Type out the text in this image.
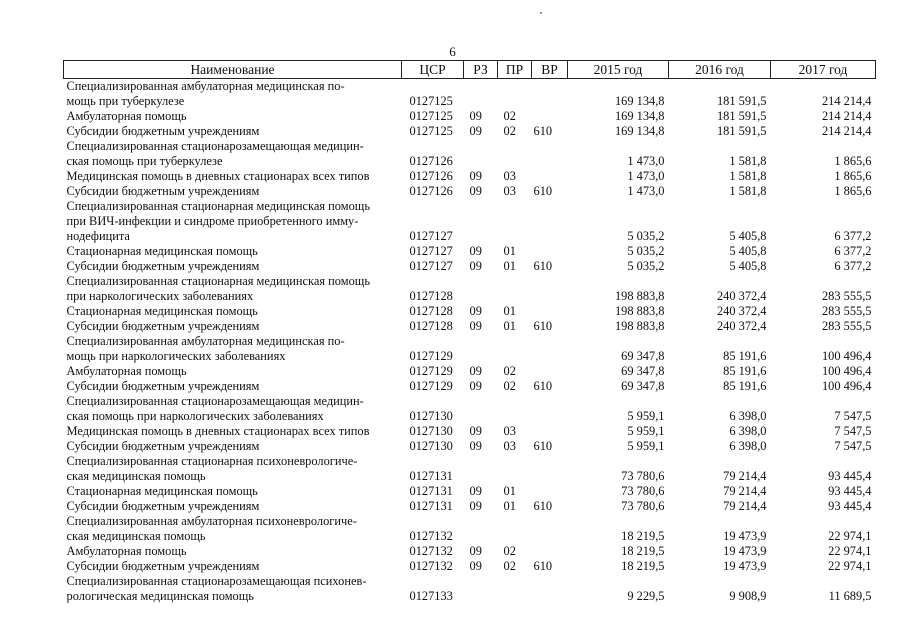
6
Наименование	ЦСР	РЗ	ПР	ВР	2015 год	2016 год	2017 год
Специализированная амбулаторная медицинская по-							
мощь при туберкулезе	0127125				169 134,8	181 591,5	214 214,4
Амбулаторная помощь	0127125	09	02		169 134,8	181 591,5	214 214,4
Субсидии бюджетным учреждениям	0127125	09	02	610	169 134,8	181 591,5	214 214,4
Специализированная стационарозамещающая медицин-							
ская помощь при туберкулезе	0127126				1 473,0	1 581,8	1 865,6
Медицинская помощь в дневных стационарах всех типов	0127126	09	03		1 473,0	1 581,8	1 865,6
Субсидии бюджетным учреждениям	0127126	09	03	610	1 473,0	1 581,8	1 865,6
Специализированная стационарная медицинская помощь							
при ВИЧ-инфекции и синдроме приобретенного имму-							
нодефицита	0127127				5 035,2	5 405,8	6 377,2
Стационарная медицинская помощь	0127127	09	01		5 035,2	5 405,8	6 377,2
Субсидии бюджетным учреждениям	0127127	09	01	610	5 035,2	5 405,8	6 377,2
Специализированная стационарная медицинская помощь							
при наркологических заболеваниях	0127128				198 883,8	240 372,4	283 555,5
Стационарная медицинская помощь	0127128	09	01		198 883,8	240 372,4	283 555,5
Субсидии бюджетным учреждениям	0127128	09	01	610	198 883,8	240 372,4	283 555,5
Специализированная амбулаторная медицинская по-							
мощь при наркологических заболеваниях	0127129				69 347,8	85 191,6	100 496,4
Амбулаторная помощь	0127129	09	02		69 347,8	85 191,6	100 496,4
Субсидии бюджетным учреждениям	0127129	09	02	610	69 347,8	85 191,6	100 496,4
Специализированная стационарозамещающая медицин-							
ская помощь при наркологических заболеваниях	0127130				5 959,1	6 398,0	7 547,5
Медицинская помощь в дневных стационарах всех типов	0127130	09	03		5 959,1	6 398,0	7 547,5
Субсидии бюджетным учреждениям	0127130	09	03	610	5 959,1	6 398,0	7 547,5
Специализированная стационарная психоневрологиче-							
ская медицинская помощь	0127131				73 780,6	79 214,4	93 445,4
Стационарная медицинская помощь	0127131	09	01		73 780,6	79 214,4	93 445,4
Субсидии бюджетным учреждениям	0127131	09	01	610	73 780,6	79 214,4	93 445,4
Специализированная амбулаторная психоневрологиче-							
ская медицинская помощь	0127132				18 219,5	19 473,9	22 974,1
Амбулаторная помощь	0127132	09	02		18 219,5	19 473,9	22 974,1
Субсидии бюджетным учреждениям	0127132	09	02	610	18 219,5	19 473,9	22 974,1
Специализированная стационарозамещающая психонев-							
рологическая медицинская помощь	0127133				9 229,5	9 908,9	11 689,5
